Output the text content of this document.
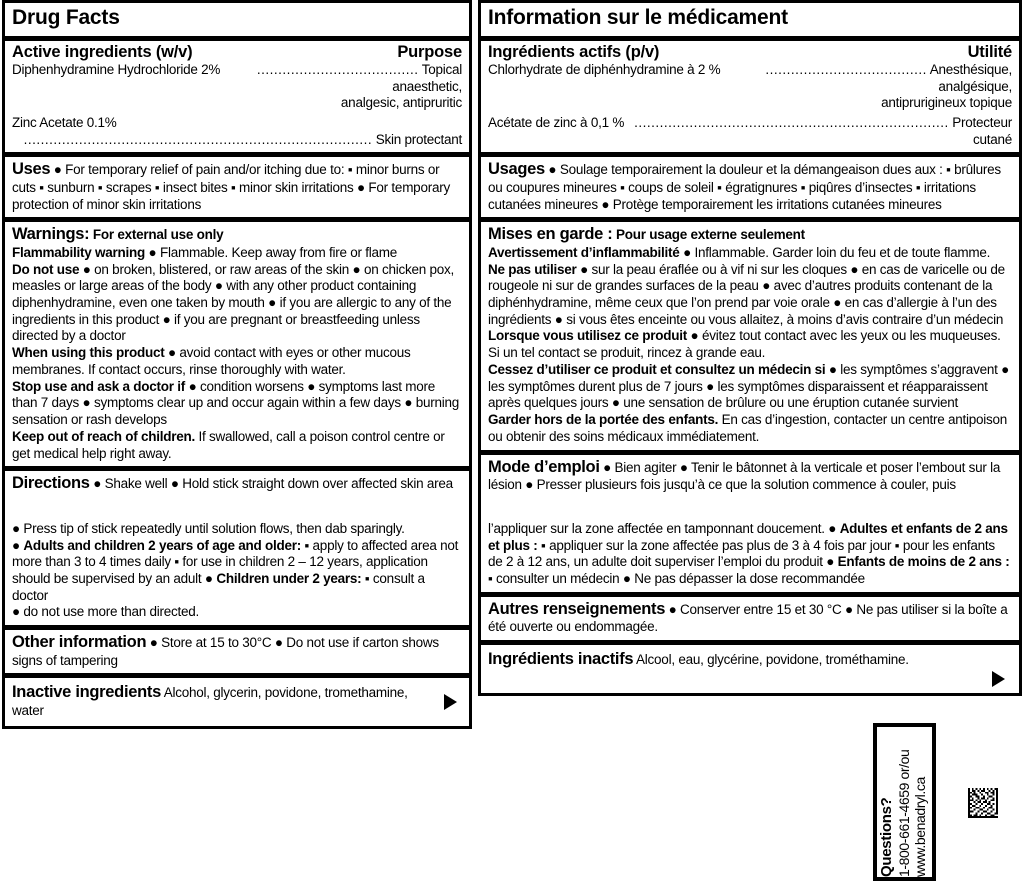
Drug Facts
Active ingredients (w/v)	Purpose
Diphenhydramine Hydrochloride 2%	...................................... Topical anaesthetic,
analgesic, antipruritic
Zinc Acetate 0.1%
.................................................................................. Skin protectant
Uses ● For temporary relief of pain and/or itching due to: ▪ minor burns or cuts ▪ sunburn ▪ scrapes ▪ insect bites ▪ minor skin irritations ● For temporary protection of minor skin irritations
Warnings: For external use only
Flammability warning ● Flammable. Keep away from fire or flame
Do not use ● on broken, blistered, or raw areas of the skin ● on chicken pox, measles or large areas of the body ● with any other product containing diphenhydramine, even one taken by mouth ● if you are allergic to any of the ingredients in this product ● if you are pregnant or breastfeeding unless directed by a doctor
When using this product ● avoid contact with eyes or other mucous membranes. If contact occurs, rinse thoroughly with water.
Stop use and ask a doctor if ● condition worsens ● symptoms last more than 7 days ● symptoms clear up and occur again within a few days ● burning sensation or rash develops
Keep out of reach of children. If swallowed, call a poison control centre or get medical help right away.
Directions ● Shake well ● Hold stick straight down over affected skin area
● Press tip of stick repeatedly until solution flows, then dab sparingly.
● Adults and children 2 years of age and older: ▪ apply to affected area not more than 3 to 4 times daily ▪ for use in children 2 – 12 years, application should be supervised by an adult ● Children under 2 years: ▪ consult a doctor
● do not use more than directed.
Other information ● Store at 15 to 30°C ● Do not use if carton shows signs of tampering
Inactive ingredients Alcohol, glycerin, povidone, tromethamine, water
Information sur le médicament
Ingrédients actifs (p/v)	Utilité
Chlorhydrate de diphénhydramine à 2 %	...................................... Anesthésique, analgésique,
antiprurigineux topique
Acétate de zinc à 0,1 % .......................................................................... Protecteur cutané
Usages ● Soulage temporairement la douleur et la démangeaison dues aux : ▪ brûlures ou coupures mineures ▪ coups de soleil ▪ égratignures ▪ piqûres d’insectes ▪ irritations cutanées mineures ● Protège temporairement les irritations cutanées mineures
Mises en garde : Pour usage externe seulement
Avertissement d’inflammabilité ● Inflammable. Garder loin du feu et de toute flamme.
Ne pas utiliser ● sur la peau éraflée ou à vif ni sur les cloques ● en cas de varicelle ou de rougeole ni sur de grandes surfaces de la peau ● avec d’autres produits contenant de la diphénhydramine, même ceux que l’on prend par voie orale ● en cas d’allergie à l’un des ingrédients ● si vous êtes enceinte ou vous allaitez, à moins d’avis contraire d’un médecin
Lorsque vous utilisez ce produit ● évitez tout contact avec les yeux ou les muqueuses. Si un tel contact se produit, rincez à grande eau.
Cessez d’utiliser ce produit et consultez un médecin si ● les symptômes s’aggravent ● les symptômes durent plus de 7 jours ● les symptômes disparaissent et réapparaissent après quelques jours ● une sensation de brûlure ou une éruption cutanée survient
Garder hors de la portée des enfants. En cas d’ingestion, contacter un centre antipoison ou obtenir des soins médicaux immédiatement.
Mode d’emploi ● Bien agiter ● Tenir le bâtonnet à la verticale et poser l’embout sur la lésion ● Presser plusieurs fois jusqu’à ce que la solution commence à couler, puis
l’appliquer sur la zone affectée en tamponnant doucement. ● Adultes et enfants de 2 ans et plus : ▪ appliquer sur la zone affectée pas plus de 3 à 4 fois par jour ▪ pour les enfants de 2 à 12 ans, un adulte doit superviser l’emploi du produit ● Enfants de moins de 2 ans : ▪ consulter un médecin ● Ne pas dépasser la dose recommandée
Autres renseignements ● Conserver entre 15 et 30 °C ● Ne pas utiliser si la boîte a été ouverte ou endommagée.
Ingrédients inactifs Alcool, eau, glycérine, povidone, trométhamine.
Questions? 1-800-661-4659 or/ou www.benadryl.ca
